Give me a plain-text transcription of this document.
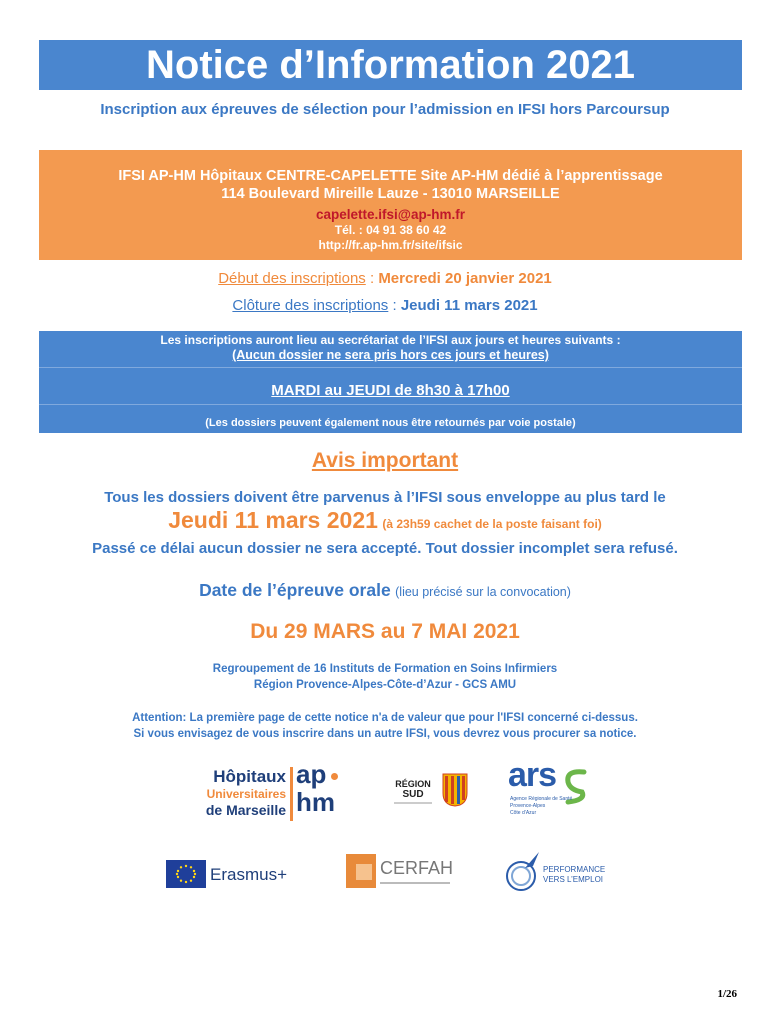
Notice d’Information 2021
Inscription aux épreuves de sélection pour l’admission en IFSI hors Parcoursup
IFSI AP-HM Hôpitaux CENTRE-CAPELETTE Site AP-HM dédié à l’apprentissage
114 Boulevard Mireille Lauze - 13010 MARSEILLE
capelette.ifsi@ap-hm.fr
Tél. : 04 91 38 60 42
http://fr.ap-hm.fr/site/ifsic
Début des inscriptions : Mercredi 20 janvier 2021
Clôture des inscriptions : Jeudi 11 mars 2021
Les inscriptions auront lieu au secrétariat de l’IFSI aux jours et heures suivants :
(Aucun dossier ne sera pris hors ces jours et heures)
MARDI au JEUDI de 8h30 à 17h00
(Les dossiers peuvent également nous être retournés par voie postale)
Avis important
Tous les dossiers doivent être parvenus à l’IFSI sous enveloppe au plus tard le
Jeudi 11 mars 2021 (à 23h59 cachet de la poste faisant foi)
Passé ce délai aucun dossier ne sera accepté. Tout dossier incomplet sera refusé.
Date de l’épreuve orale (lieu précisé sur la convocation)
Du 29 MARS au 7 MAI 2021
Regroupement de 16 Instituts de Formation en Soins Infirmiers
Région Provence-Alpes-Côte-d’Azur - GCS AMU
Attention: La première page de cette notice n'a de valeur que pour l'IFSI concerné ci-dessus.
Si vous envisagez de vous inscrire dans un autre IFSI, vous devrez vous procurer sa notice.
Hôpitaux
Universitaires
de Marseille
ap
hm
RÉGION
SUD
ars
Agence Régionale de Santé
Provence-Alpes
Côte d’Azur
Erasmus+	CERFAH	PERFORMANCE
VERS L’EMPLOI
1/26
